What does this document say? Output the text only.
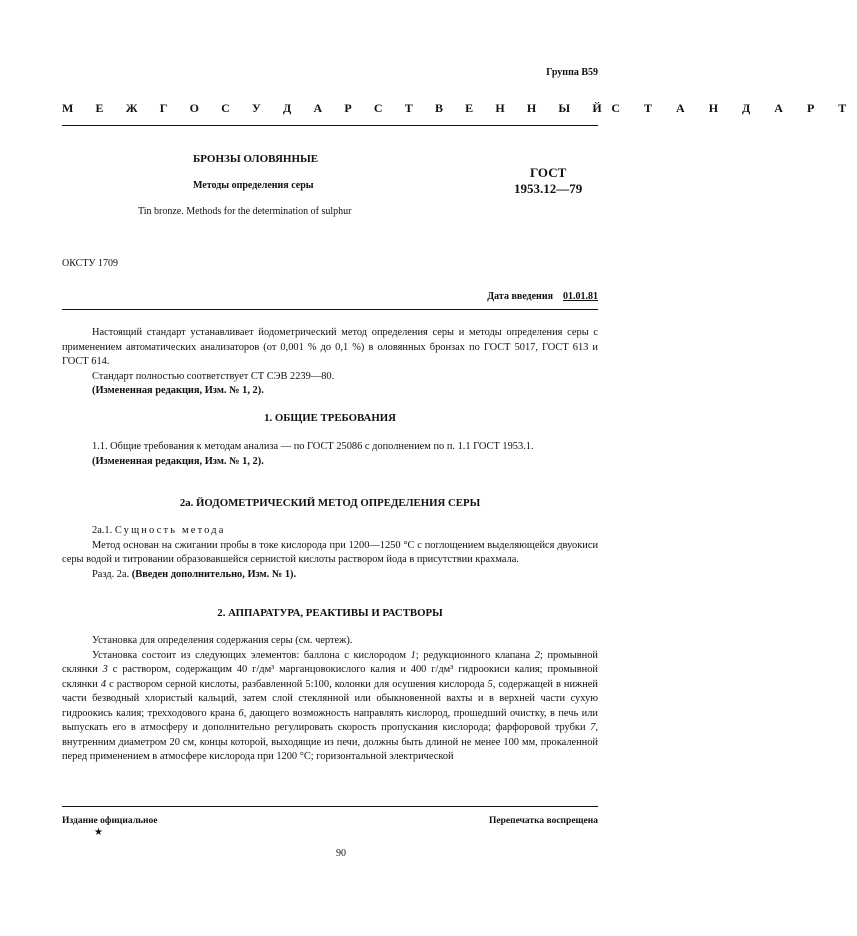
Группа В59
М Е Ж Г О С У Д А Р С Т В Е Н Н Ы Й С Т А Н Д А Р Т
БРОНЗЫ ОЛОВЯННЫЕ
Методы определения серы
Tin bronze. Methods for the determination of sulphur
ГОСТ
1953.12—79
ОКСТУ 1709
Дата введения 01.01.81

Настоящий стандарт устанавливает йодометрический метод определения серы и методы определения серы с применением автоматических анализаторов (от 0,001 % до 0,1 %) в оловянных бронзах по ГОСТ 5017, ГОСТ 613 и ГОСТ 614.

Стандарт полностью соответствует СТ СЭВ 2239—80.

(Измененная редакция, Изм. № 1, 2).

1. ОБЩИЕ ТРЕБОВАНИЯ

1.1. Общие требования к методам анализа — по ГОСТ 25086 с дополнением по п. 1.1 ГОСТ 1953.1.

(Измененная редакция, Изм. № 1, 2).

2а. ЙОДОМЕТРИЧЕСКИЙ МЕТОД ОПРЕДЕЛЕНИЯ СЕРЫ

2а.1. Сущность метода

Метод основан на сжигании пробы в токе кислорода при 1200—1250 °С с поглощением выделяющейся двуокиси серы водой и титровании образовавшейся сернистой кислоты раствором йода в присутствии крахмала.

Разд. 2а. (Введен дополнительно, Изм. № 1).

2. АППАРАТУРА, РЕАКТИВЫ И РАСТВОРЫ

Установка для определения содержания серы (см. чертеж).

Установка состоит из следующих элементов: баллона с кислородом 1; редукционного клапана 2; промывной склянки 3 с раствором, содержащим 40 г/дм³ марганцовокислого калия и 400 г/дм³ гидроокиси калия; промывной склянки 4 с раствором серной кислоты, разбавленной 5:100, колонки для осушения кислорода 5, содержащей в нижней части безводный хлористый кальций, затем слой стеклянной или обыкновенной вахты и в верхней части сухую гидроокись калия; трехходового крана 6, дающего возможность направлять кислород, прошедший очистку, в печь или выпускать его в атмосферу и дополнительно регулировать скорость пропускания кислорода; фарфоровой трубки 7, внутренним диаметром 20 см, концы которой, выходящие из печи, должны быть длиной не менее 100 мм, прокаленной перед применением в атмосфере кислорода при 1200 °С; горизонтальной электрической

Издание официальное
★
Перепечатка воспрещена
90
